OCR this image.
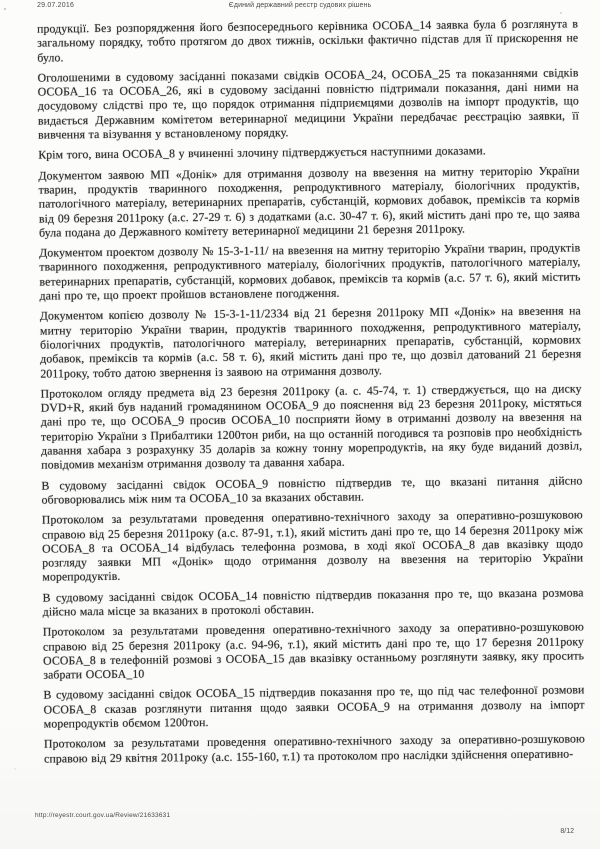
29.07.2016	Єдиний державний реєстр судових рішень

продукції. Без розпорядження його безпосереднього керівника ОСОБА_14 заявка була б розглянута в загальному порядку, тобто протягом до двох тижнів, оскільки фактично підстав для її прискорення не було.

Оголошеними в судовому засіданні показами свідків ОСОБА_24, ОСОБА_25 та показаннями свідків ОСОБА_16 та ОСОБА_26, які в судовому засіданні повністю підтримали показання, дані ними на досудовому слідстві про те, що порядок отримання підприємцями дозволів на імпорт продуктів, що видається Державним комітетом ветеринарної медицини України передбачає реєстрацію заявки, її вивчення та візування у встановленому порядку.

Крім того, вина ОСОБА_8 у вчиненні злочину підтверджується наступними доказами.

Документом заявою МП «Донік» для отримання дозволу на ввезення на митну територію України тварин, продуктів тваринного походження, репродуктивного матеріалу, біологічних продуктів, патологічного матеріалу, ветеринарних препаратів, субстанцій, кормових добавок, преміксів та кормів від 09 березня 2011року (а.с. 27-29 т. 6) з додатками (а.с. 30-47 т. 6), який містить дані про те, що заява була подана до Державного комітету ветеринарної медицини 21 березня 2011року.

Документом проектом дозволу № 15-3-1-11/ на ввезення на митну територію України тварин, продуктів тваринного походження, репродуктивного матеріалу, біологічних продуктів, патологічного матеріалу, ветеринарних препаратів, субстанцій, кормових добавок, преміксів та кормів (а.с. 57 т. 6), який містить дані про те, що проект пройшов встановлене погодження.

Документом копією дозволу № 15-3-1-11/2334 від 21 березня 2011року МП «Донік» на ввезення на митну територію України тварин, продуктів тваринного походження, репродуктивного матеріалу, біологічних продуктів, патологічного матеріалу, ветеринарних препаратів, субстанцій, кормових добавок, преміксів та кормів (а.с. 58 т. 6), який містить дані про те, що дозвіл датований 21 березня 2011року, тобто датою звернення із заявою на отримання дозволу.

Протоколом огляду предмета від 23 березня 2011року (а. с. 45-74, т. 1) стверджується, що на диску DVD+R, який був наданий громадянином ОСОБА_9 до пояснення від 23 березня 2011року, містяться дані про те, що ОСОБА_9 просив ОСОБА_10 посприяти йому в отриманні дозволу на ввезення на територію України з Прибалтики 1200тон риби, на що останній погодився та розповів про необхідність давання хабара з розрахунку 35 доларів за кожну тонну морепродуктів, на яку буде виданий дозвіл, повідомив механізм отримання дозволу та давання хабара.

В судовому засіданні свідок ОСОБА_9 повністю підтвердив те, що вказані питання дійсно обговорювались між ним та ОСОБА_10 за вказаних обставин.

Протоколом за результатами проведення оперативно-технічного заходу за оперативно-розшуковою справою від 25 березня 2011року (а.с. 87-91, т.1), який містить дані про те, що 14 березня 2011року між ОСОБА_8 та ОСОБА_14 відбулась телефонна розмова, в ході якої ОСОБА_8 дав вказівку щодо розгляду заявки МП «Донік» щодо отримання дозволу на ввезення на територію України морепродуктів.

В судовому засіданні свідок ОСОБА_14 повністю підтвердив показання про те, що вказана розмова дійсно мала місце за вказаних в протоколі обставин.

Протоколом за результатами проведення оперативно-технічного заходу за оперативно-розшуковою справою від 25 березня 2011року (а.с. 94-96, т.1), який містить дані про те, що 17 березня 2011року ОСОБА_8 в телефонній розмові з ОСОБА_15 дав вказівку останньому розглянути заявку, яку просить забрати ОСОБА_10

В судовому засіданні свідок ОСОБА_15 підтвердив показання про те, що під час телефонної розмови ОСОБА_8 сказав розглянути питання щодо заявки ОСОБА_9 на отримання дозволу на імпорт морепродуктів обємом 1200тон.

Протоколом за результатами проведення оперативно-технічного заходу за оперативно-розшуковою справою від 29 квітня 2011року (а.с. 155-160, т.1) та протоколом про наслідки здійснення оперативно-

http://reyestr.court.gov.ua/Review/21633631
8/12
